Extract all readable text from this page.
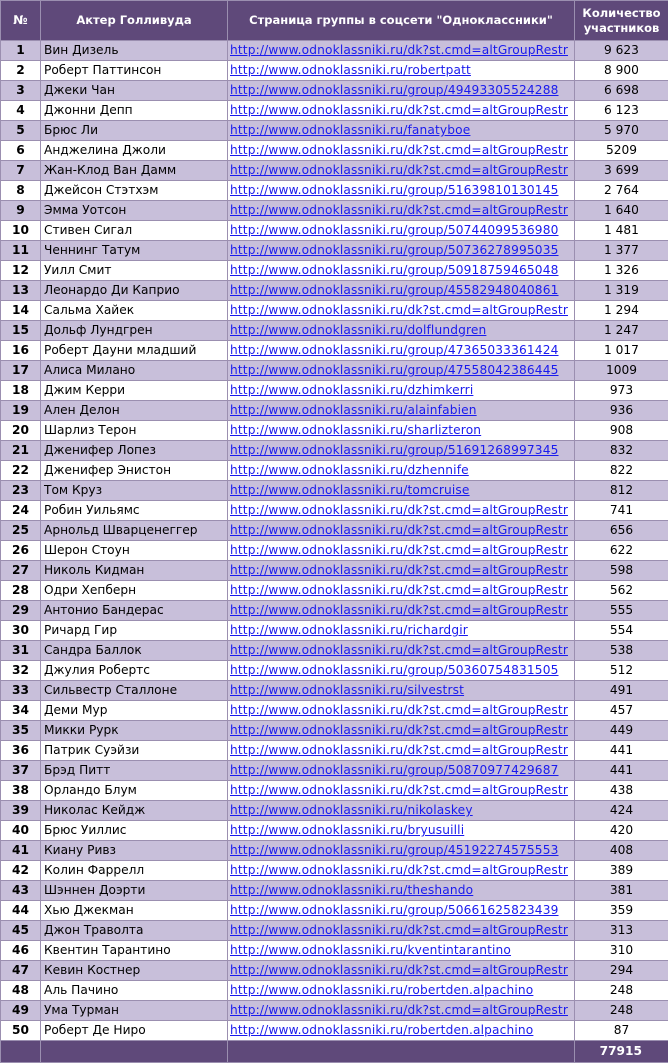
№	Актер Голливуда	Страница группы в соцсети "Одноклассники"	Количество
участников
1	Вин Дизель	http://www.odnoklassniki.ru/dk?st.cmd=altGroupRestr	9 623
2	Роберт Паттинсон	http://www.odnoklassniki.ru/robertpatt	8 900
3	Джеки Чан	http://www.odnoklassniki.ru/group/49493305524288	6 698
4	Джонни Депп	http://www.odnoklassniki.ru/dk?st.cmd=altGroupRestr	6 123
5	Брюс Ли	http://www.odnoklassniki.ru/fanatyboe	5 970
6	Анджелина Джоли	http://www.odnoklassniki.ru/dk?st.cmd=altGroupRestr	5209
7	Жан-Клод Ван Дамм	http://www.odnoklassniki.ru/dk?st.cmd=altGroupRestr	3 699
8	Джейсон Стэтхэм	http://www.odnoklassniki.ru/group/51639810130145	2 764
9	Эмма Уотсон	http://www.odnoklassniki.ru/dk?st.cmd=altGroupRestr	1 640
10	Стивен Сигал	http://www.odnoklassniki.ru/group/50744099536980	1 481
11	Ченнинг Татум	http://www.odnoklassniki.ru/group/50736278995035	1 377
12	Уилл Смит	http://www.odnoklassniki.ru/group/50918759465048	1 326
13	Леонардо Ди Каприо	http://www.odnoklassniki.ru/group/45582948040861	1 319
14	Сальма Хайек	http://www.odnoklassniki.ru/dk?st.cmd=altGroupRestr	1 294
15	Дольф Лундгрен	http://www.odnoklassniki.ru/dolflundgren	1 247
16	Роберт Дауни младший	http://www.odnoklassniki.ru/group/47365033361424	1 017
17	Алиса Милано	http://www.odnoklassniki.ru/group/47558042386445	1009
18	Джим Керри	http://www.odnoklassniki.ru/dzhimkerri	973
19	Ален Делон	http://www.odnoklassniki.ru/alainfabien	936
20	Шарлиз Терон	http://www.odnoklassniki.ru/sharlizteron	908
21	Дженифер Лопез	http://www.odnoklassniki.ru/group/51691268997345	832
22	Дженифер Энистон	http://www.odnoklassniki.ru/dzhennife	822
23	Том Круз	http://www.odnoklassniki.ru/tomcruise	812
24	Робин Уильямс	http://www.odnoklassniki.ru/dk?st.cmd=altGroupRestr	741
25	Арнольд Шварценеггер	http://www.odnoklassniki.ru/dk?st.cmd=altGroupRestr	656
26	Шерон Стоун	http://www.odnoklassniki.ru/dk?st.cmd=altGroupRestr	622
27	Николь Кидман	http://www.odnoklassniki.ru/dk?st.cmd=altGroupRestr	598
28	Одри Хепберн	http://www.odnoklassniki.ru/dk?st.cmd=altGroupRestr	562
29	Антонио Бандерас	http://www.odnoklassniki.ru/dk?st.cmd=altGroupRestr	555
30	Ричард Гир	http://www.odnoklassniki.ru/richardgir	554
31	Сандра Баллок	http://www.odnoklassniki.ru/dk?st.cmd=altGroupRestr	538
32	Джулия Робертс	http://www.odnoklassniki.ru/group/50360754831505	512
33	Сильвестр Сталлоне	http://www.odnoklassniki.ru/silvestrst	491
34	Деми Мур	http://www.odnoklassniki.ru/dk?st.cmd=altGroupRestr	457
35	Микки Рурк	http://www.odnoklassniki.ru/dk?st.cmd=altGroupRestr	449
36	Патрик Суэйзи	http://www.odnoklassniki.ru/dk?st.cmd=altGroupRestr	441
37	Брэд Питт	http://www.odnoklassniki.ru/group/50870977429687	441
38	Орландо Блум	http://www.odnoklassniki.ru/dk?st.cmd=altGroupRestr	438
39	Николас Кейдж	http://www.odnoklassniki.ru/nikolaskey	424
40	Брюс Уиллис	http://www.odnoklassniki.ru/bryusuilli	420
41	Киану Ривз	http://www.odnoklassniki.ru/group/45192274575553	408
42	Колин Фаррелл	http://www.odnoklassniki.ru/dk?st.cmd=altGroupRestr	389
43	Шэннен Доэрти	http://www.odnoklassniki.ru/theshando	381
44	Хью Джекман	http://www.odnoklassniki.ru/group/50661625823439	359
45	Джон Траволта	http://www.odnoklassniki.ru/dk?st.cmd=altGroupRestr	313
46	Квентин Тарантино	http://www.odnoklassniki.ru/kventintarantino	310
47	Кевин Костнер	http://www.odnoklassniki.ru/dk?st.cmd=altGroupRestr	294
48	Аль Пачино	http://www.odnoklassniki.ru/robertden.alpachino	248
49	Ума Турман	http://www.odnoklassniki.ru/dk?st.cmd=altGroupRestr	248
50	Роберт Де Ниро	http://www.odnoklassniki.ru/robertden.alpachino	87
			77915
